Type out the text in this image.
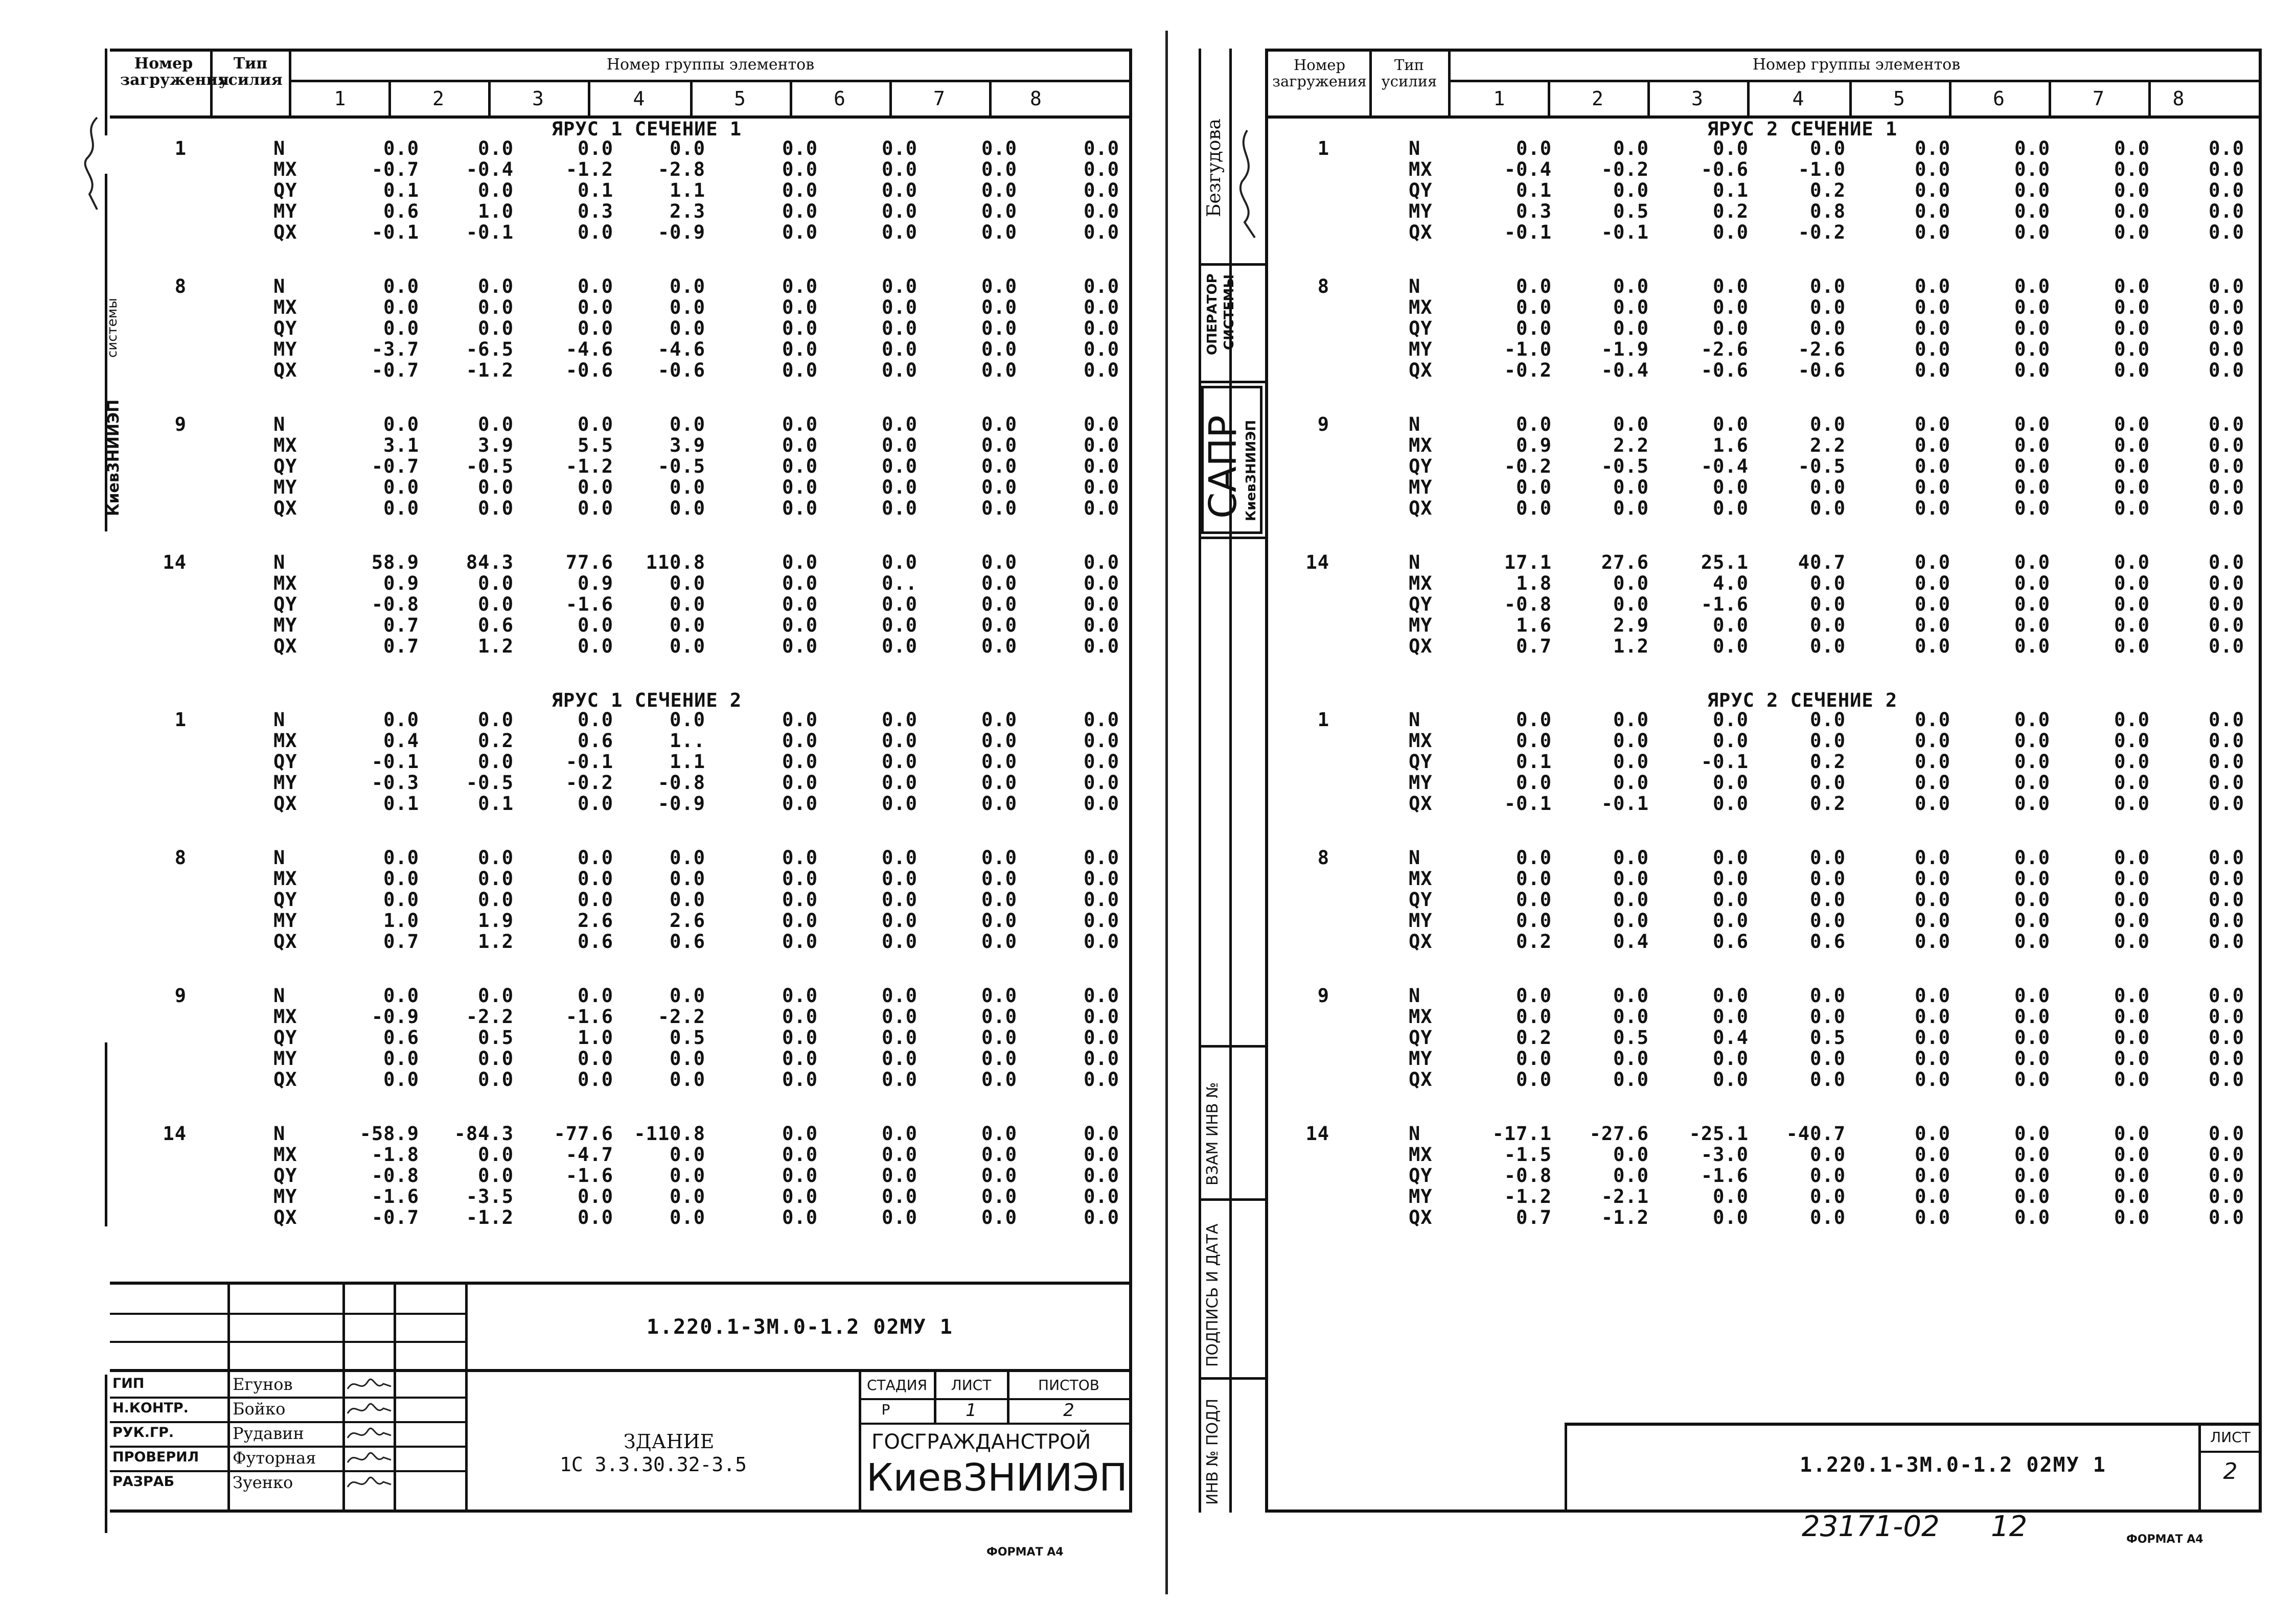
Номер
загружения
Тип
усилия
Номер группы элементов
1	2	3	4	5	6	7	8
ЯРУС 1 СЕЧЕНИЕ 1
1	N	0.0	0.0	0.0	0.0	0.0	0.0	0.0	0.0
MX	-0.7	-0.4	-1.2	-2.8	0.0	0.0	0.0	0.0
QY	0.1	0.0	0.1	1.1	0.0	0.0	0.0	0.0
MY	0.6	1.0	0.3	2.3	0.0	0.0	0.0	0.0
QX	-0.1	-0.1	0.0	-0.9	0.0	0.0	0.0	0.0
8	N	0.0	0.0	0.0	0.0	0.0	0.0	0.0	0.0
MX	0.0	0.0	0.0	0.0	0.0	0.0	0.0	0.0
QY	0.0	0.0	0.0	0.0	0.0	0.0	0.0	0.0
MY	-3.7	-6.5	-4.6	-4.6	0.0	0.0	0.0	0.0
QX	-0.7	-1.2	-0.6	-0.6	0.0	0.0	0.0	0.0
9	N	0.0	0.0	0.0	0.0	0.0	0.0	0.0	0.0
MX	3.1	3.9	5.5	3.9	0.0	0.0	0.0	0.0
QY	-0.7	-0.5	-1.2	-0.5	0.0	0.0	0.0	0.0
MY	0.0	0.0	0.0	0.0	0.0	0.0	0.0	0.0
QX	0.0	0.0	0.0	0.0	0.0	0.0	0.0	0.0
14	N	58.9	84.3	77.6	110.8	0.0	0.0	0.0	0.0
MX	0.9	0.0	0.9	0.0	0.0	0..	0.0	0.0
QY	-0.8	0.0	-1.6	0.0	0.0	0.0	0.0	0.0
MY	0.7	0.6	0.0	0.0	0.0	0.0	0.0	0.0
QX	0.7	1.2	0.0	0.0	0.0	0.0	0.0	0.0
ЯРУС 1 СЕЧЕНИЕ 2
1	N	0.0	0.0	0.0	0.0	0.0	0.0	0.0	0.0
MX	0.4	0.2	0.6	1..	0.0	0.0	0.0	0.0
QY	-0.1	0.0	-0.1	1.1	0.0	0.0	0.0	0.0
MY	-0.3	-0.5	-0.2	-0.8	0.0	0.0	0.0	0.0
QX	0.1	0.1	0.0	-0.9	0.0	0.0	0.0	0.0
8	N	0.0	0.0	0.0	0.0	0.0	0.0	0.0	0.0
MX	0.0	0.0	0.0	0.0	0.0	0.0	0.0	0.0
QY	0.0	0.0	0.0	0.0	0.0	0.0	0.0	0.0
MY	1.0	1.9	2.6	2.6	0.0	0.0	0.0	0.0
QX	0.7	1.2	0.6	0.6	0.0	0.0	0.0	0.0
9	N	0.0	0.0	0.0	0.0	0.0	0.0	0.0	0.0
MX	-0.9	-2.2	-1.6	-2.2	0.0	0.0	0.0	0.0
QY	0.6	0.5	1.0	0.5	0.0	0.0	0.0	0.0
MY	0.0	0.0	0.0	0.0	0.0	0.0	0.0	0.0
QX	0.0	0.0	0.0	0.0	0.0	0.0	0.0	0.0
14	N	-58.9	-84.3	-77.6	-110.8	0.0	0.0	0.0	0.0
MX	-1.8	0.0	-4.7	0.0	0.0	0.0	0.0	0.0
QY	-0.8	0.0	-1.6	0.0	0.0	0.0	0.0	0.0
MY	-1.6	-3.5	0.0	0.0	0.0	0.0	0.0	0.0
QX	-0.7	-1.2	0.0	0.0	0.0	0.0	0.0	0.0
1.220.1-3М.0-1.2 02МУ 1
ГИП	Егунов
Н.КОНТР.	Бойко
РУК.ГР.	Рудавин
ПРОВЕРИЛ Футорная
РАЗРАБ	Зуенко
ЗДАНИЕ
1С 3.3.30.32-3.5
СТАДИЯ	ЛИСТ	ПИСТОВ
Р	1	2
ГОСГРАЖДАНСТРОЙ
КиевЗНИИЭП
ФОРМАТ А4
Киев3НИИЭП
системы
Безгудова
ОПЕРАТОР СИСТЕМЫ
САПР
КиевЗНИИЭП
ВЗАМ ИНВ №
ПОДПИСЬ И ДАТА
ИНВ № ПОДЛ
Номер
загружения
Тип
усилия
Номер группы элементов
1	2	3	4	5	6	7	8
ЯРУС 2 СЕЧЕНИЕ 1
1	N	0.0	0.0	0.0	0.0	0.0	0.0	0.0	0.0
MX	-0.4	-0.2	-0.6	-1.0	0.0	0.0	0.0	0.0
QY	0.1	0.0	0.1	0.2	0.0	0.0	0.0	0.0
MY	0.3	0.5	0.2	0.8	0.0	0.0	0.0	0.0
QX	-0.1	-0.1	0.0	-0.2	0.0	0.0	0.0	0.0
8	N	0.0	0.0	0.0	0.0	0.0	0.0	0.0	0.0
MX	0.0	0.0	0.0	0.0	0.0	0.0	0.0	0.0
QY	0.0	0.0	0.0	0.0	0.0	0.0	0.0	0.0
MY	-1.0	-1.9	-2.6	-2.6	0.0	0.0	0.0	0.0
QX	-0.2	-0.4	-0.6	-0.6	0.0	0.0	0.0	0.0
9	N	0.0	0.0	0.0	0.0	0.0	0.0	0.0	0.0
MX	0.9	2.2	1.6	2.2	0.0	0.0	0.0	0.0
QY	-0.2	-0.5	-0.4	-0.5	0.0	0.0	0.0	0.0
MY	0.0	0.0	0.0	0.0	0.0	0.0	0.0	0.0
QX	0.0	0.0	0.0	0.0	0.0	0.0	0.0	0.0
14	N	17.1	27.6	25.1	40.7	0.0	0.0	0.0	0.0
MX	1.8	0.0	4.0	0.0	0.0	0.0	0.0	0.0
QY	-0.8	0.0	-1.6	0.0	0.0	0.0	0.0	0.0
MY	1.6	2.9	0.0	0.0	0.0	0.0	0.0	0.0
QX	0.7	1.2	0.0	0.0	0.0	0.0	0.0	0.0
ЯРУС 2 СЕЧЕНИЕ 2
1	N	0.0	0.0	0.0	0.0	0.0	0.0	0.0	0.0
MX	0.0	0.0	0.0	0.0	0.0	0.0	0.0	0.0
QY	0.1	0.0	-0.1	0.2	0.0	0.0	0.0	0.0
MY	0.0	0.0	0.0	0.0	0.0	0.0	0.0	0.0
QX	-0.1	-0.1	0.0	0.2	0.0	0.0	0.0	0.0
8	N	0.0	0.0	0.0	0.0	0.0	0.0	0.0	0.0
MX	0.0	0.0	0.0	0.0	0.0	0.0	0.0	0.0
QY	0.0	0.0	0.0	0.0	0.0	0.0	0.0	0.0
MY	0.0	0.0	0.0	0.0	0.0	0.0	0.0	0.0
QX	0.2	0.4	0.6	0.6	0.0	0.0	0.0	0.0
9	N	0.0	0.0	0.0	0.0	0.0	0.0	0.0	0.0
MX	0.0	0.0	0.0	0.0	0.0	0.0	0.0	0.0
QY	0.2	0.5	0.4	0.5	0.0	0.0	0.0	0.0
MY	0.0	0.0	0.0	0.0	0.0	0.0	0.0	0.0
QX	0.0	0.0	0.0	0.0	0.0	0.0	0.0	0.0
14	N	-17.1	-27.6	-25.1	-40.7	0.0	0.0	0.0	0.0
MX	-1.5	0.0	-3.0	0.0	0.0	0.0	0.0	0.0
QY	-0.8	0.0	-1.6	0.0	0.0	0.0	0.0	0.0
MY	-1.2	-2.1	0.0	0.0	0.0	0.0	0.0	0.0
QX	0.7	-1.2	0.0	0.0	0.0	0.0	0.0	0.0
1.220.1-3М.0-1.2 02МУ 1
ЛИСТ
2
23171-02 12	ФОРМАТ А4
